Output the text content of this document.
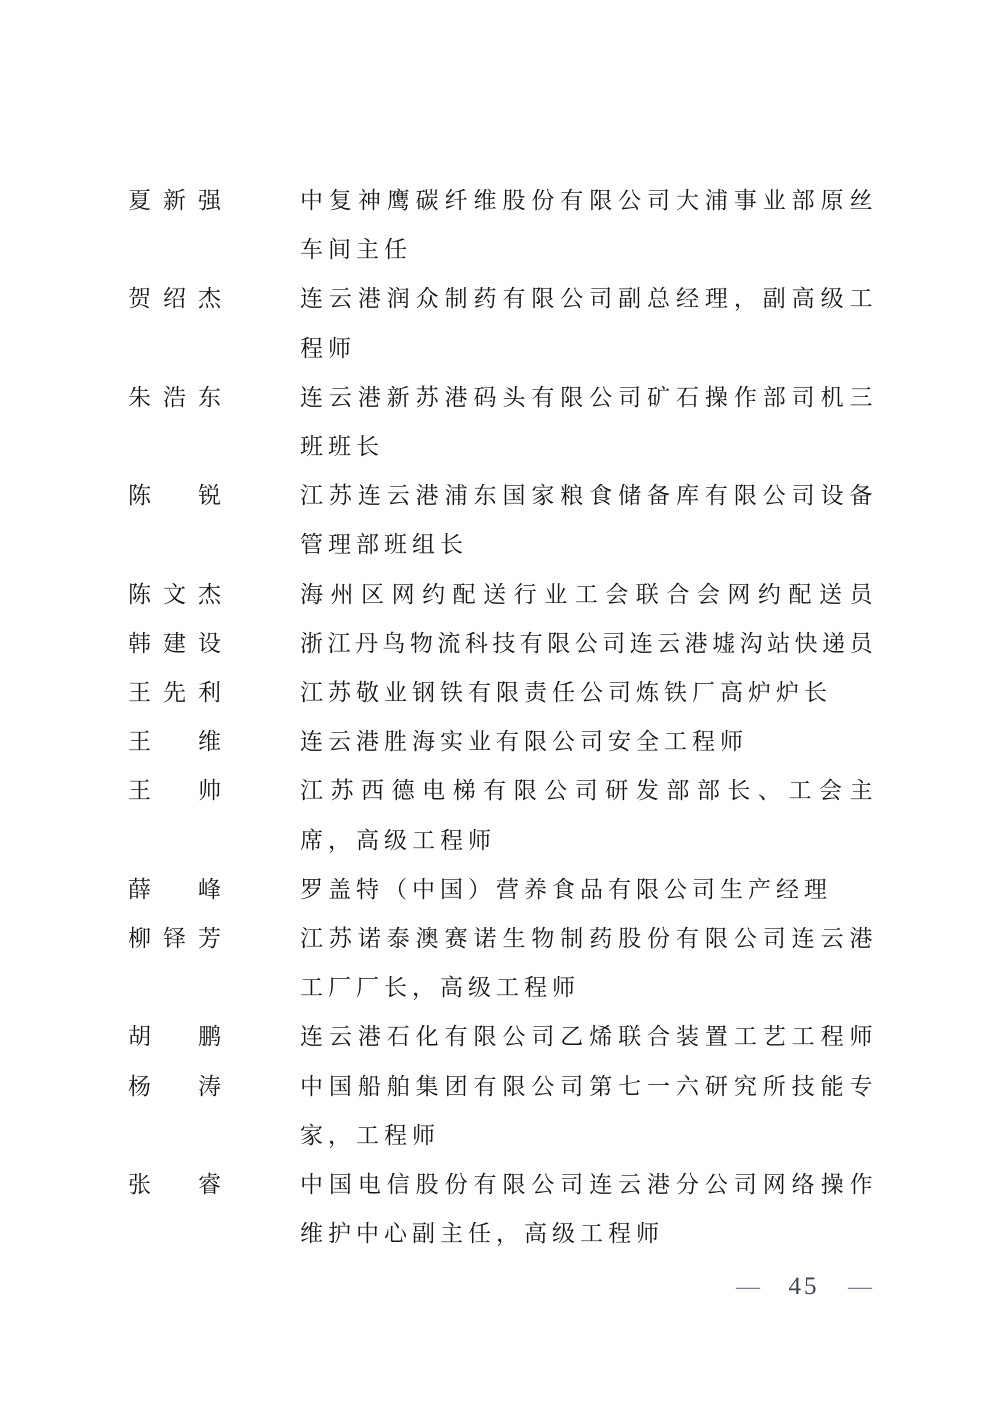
夏新强	中复神鹰碳纤维股份有限公司大浦事业部原丝
车间主任
贺绍杰	连云港润众制药有限公司副总经理，副高级工
程师
朱浩东	连云港新苏港码头有限公司矿石操作部司机三
班班长
陈　锐	江苏连云港浦东国家粮食储备库有限公司设备
管理部班组长
陈文杰	海州区网约配送行业工会联合会网约配送员
韩建设	浙江丹鸟物流科技有限公司连云港墟沟站快递员
王先利	江苏敬业钢铁有限责任公司炼铁厂高炉炉长
王　维	连云港胜海实业有限公司安全工程师
王　帅	江苏西德电梯有限公司研发部部长、工会主
席，高级工程师
薛　峰	罗盖特（中国）营养食品有限公司生产经理
柳铎芳	江苏诺泰澳赛诺生物制药股份有限公司连云港
工厂厂长，高级工程师
胡　鹏	连云港石化有限公司乙烯联合装置工艺工程师
杨　涛	中国船舶集团有限公司第七一六研究所技能专
家，工程师
张　睿	中国电信股份有限公司连云港分公司网络操作
维护中心副主任，高级工程师
— 45 —
